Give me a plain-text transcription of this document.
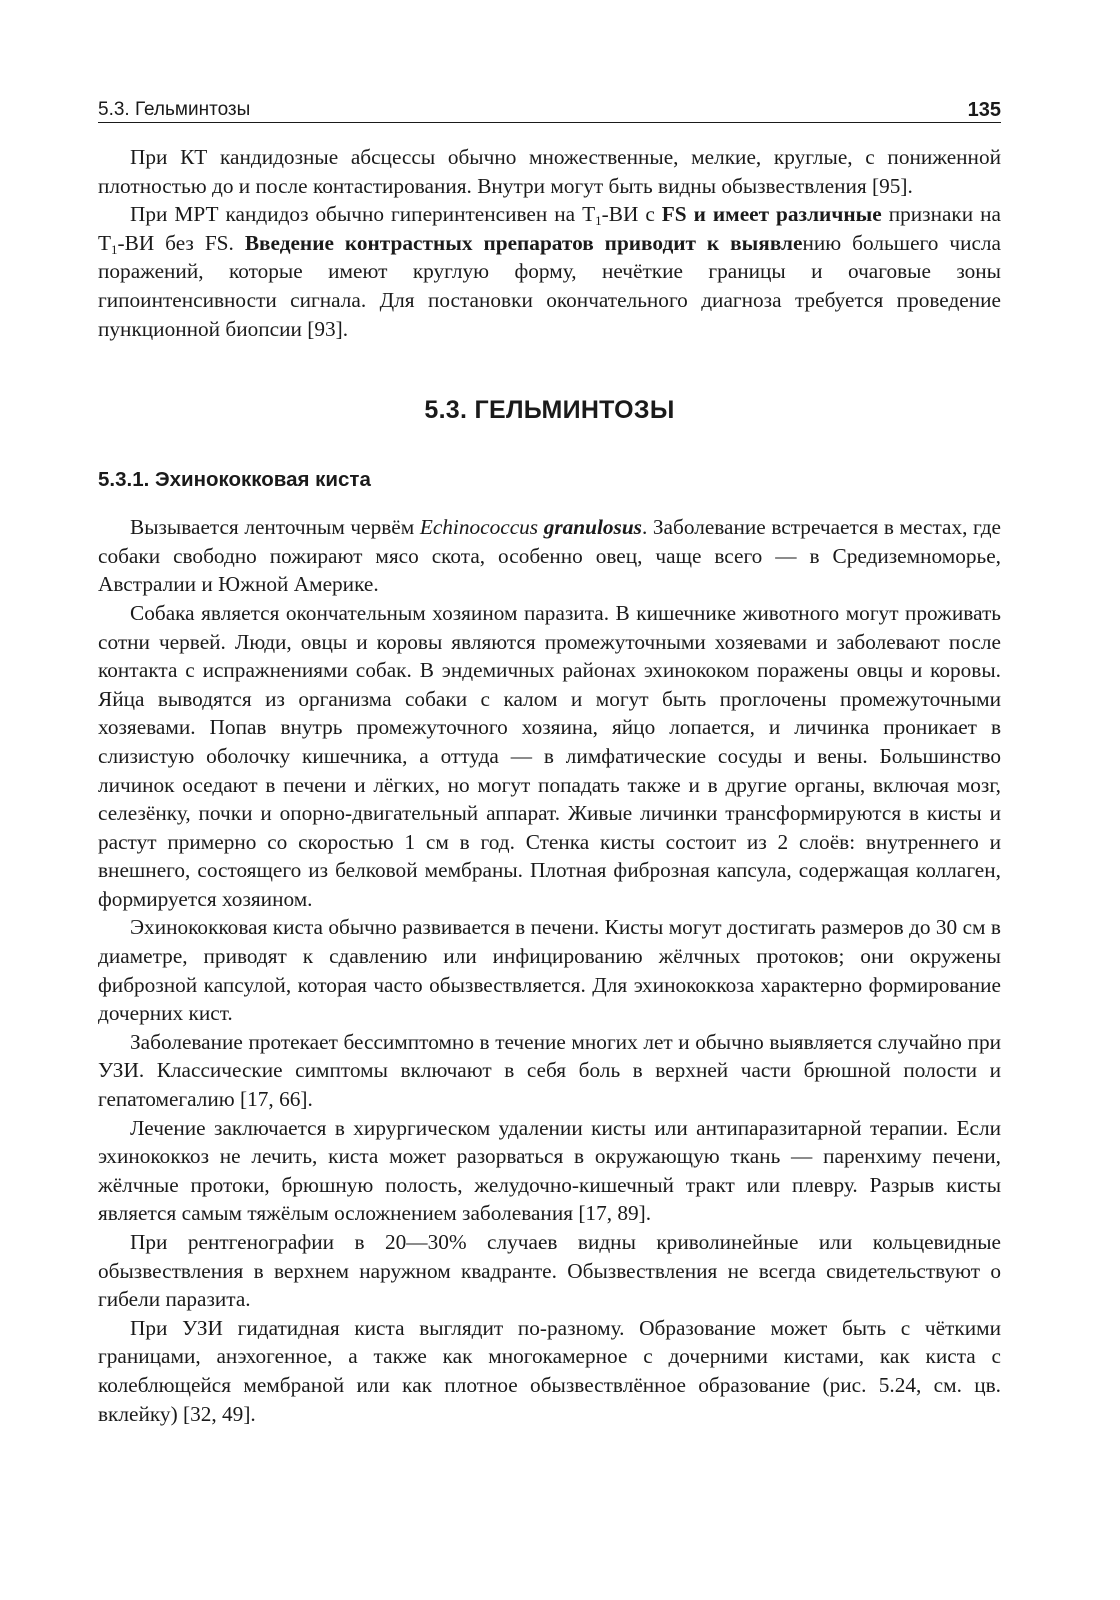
5.3. Гельминтозы	135

При КТ кандидозные абсцессы обычно множественные, мелкие, круглые, с пониженной плотностью до и после контастирования. Внутри могут быть видны обызвествления [95].

При МРТ кандидоз обычно гиперинтенсивен на $T_1-ВИ$ с FS и имеет различные признаки на $T_1-ВИ$ без FS. Введение контрастных препаратов приводит к выявлению большего числа поражений, которые имеют круглую форму, нечёткие границы и очаговые зоны гипоинтенсивности сигнала. Для постановки окончательного диагноза требуется проведение пункционной биопсии [93].

5.3. ГЕЛЬМИНТОЗЫ
5.3.1. Эхинококковая киста

Вызывается ленточным червём Echinococcus granulosus. Заболевание встречается в местах, где собаки свободно пожирают мясо скота, особенно овец, чаще всего — в Средиземноморье, Австралии и Южной Америке.

Собака является окончательным хозяином паразита. В кишечнике животного могут проживать сотни червей. Люди, овцы и коровы являются промежуточными хозяевами и заболевают после контакта с испражнениями собак. В эндемичных районах эхинококом поражены овцы и коровы. Яйца выводятся из организма собаки с калом и могут быть проглочены промежуточными хозяевами. Попав внутрь промежуточного хозяина, яйцо лопается, и личинка проникает в слизистую оболочку кишечника, а оттуда — в лимфатические сосуды и вены. Большинство личинок оседают в печени и лёгких, но могут попадать также и в другие органы, включая мозг, селезёнку, почки и опорно-двигательный аппарат. Живые личинки трансформируются в кисты и растут примерно со скоростью 1 см в год. Стенка кисты состоит из 2 слоёв: внутреннего и внешнего, состоящего из белковой мембраны. Плотная фиброзная капсула, содержащая коллаген, формируется хозяином.

Эхинококковая киста обычно развивается в печени. Кисты могут достигать размеров до 30 см в диаметре, приводят к сдавлению или инфицированию жёлчных протоков; они окружены фиброзной капсулой, которая часто обызвествляется. Для эхинококкоза характерно формирование дочерних кист.

Заболевание протекает бессимптомно в течение многих лет и обычно выявляется случайно при УЗИ. Классические симптомы включают в себя боль в верхней части брюшной полости и гепатомегалию [17, 66].

Лечение заключается в хирургическом удалении кисты или антипаразитарной терапии. Если эхинококкоз не лечить, киста может разорваться в окружающую ткань — паренхиму печени, жёлчные протоки, брюшную полость, желудочно-кишечный тракт или плевру. Разрыв кисты является самым тяжёлым осложнением заболевания [17, 89].

При рентгенографии в 20—30% случаев видны криволинейные или кольцевидные обызвествления в верхнем наружном квадранте. Обызвествления не всегда свидетельствуют о гибели паразита.

При УЗИ гидатидная киста выглядит по-разному. Образование может быть с чёткими границами, анэхогенное, а также как многокамерное с дочерними кистами, как киста с колеблющейся мембраной или как плотное обызвествлённое образование (рис. 5.24, см. цв. вклейку) [32, 49].
